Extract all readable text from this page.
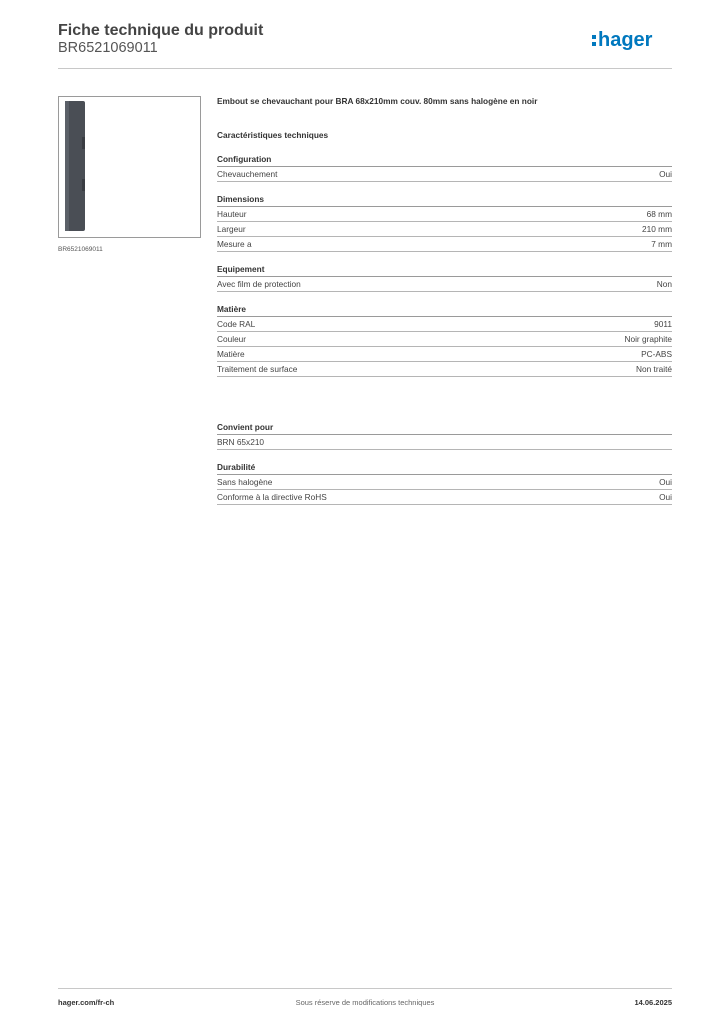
Fiche technique du produit
BR6521069011	hager
BR6521069011
Embout se chevauchant pour BRA 68x210mm couv. 80mm sans halogène en noir
Caractéristiques techniques
Configuration
Chevauchement	Oui
Dimensions
Hauteur	68 mm
Largeur	210 mm
Mesure a	7 mm
Equipement
Avec film de protection	Non
Matière
Code RAL	9011
Couleur	Noir graphite
Matière	PC-ABS
Traitement de surface	Non traité
Convient pour
BRN 65x210
Durabilité
Sans halogène	Oui
Conforme à la directive RoHS	Oui
hager.com/fr-ch	Sous réserve de modifications techniques	14.06.2025
